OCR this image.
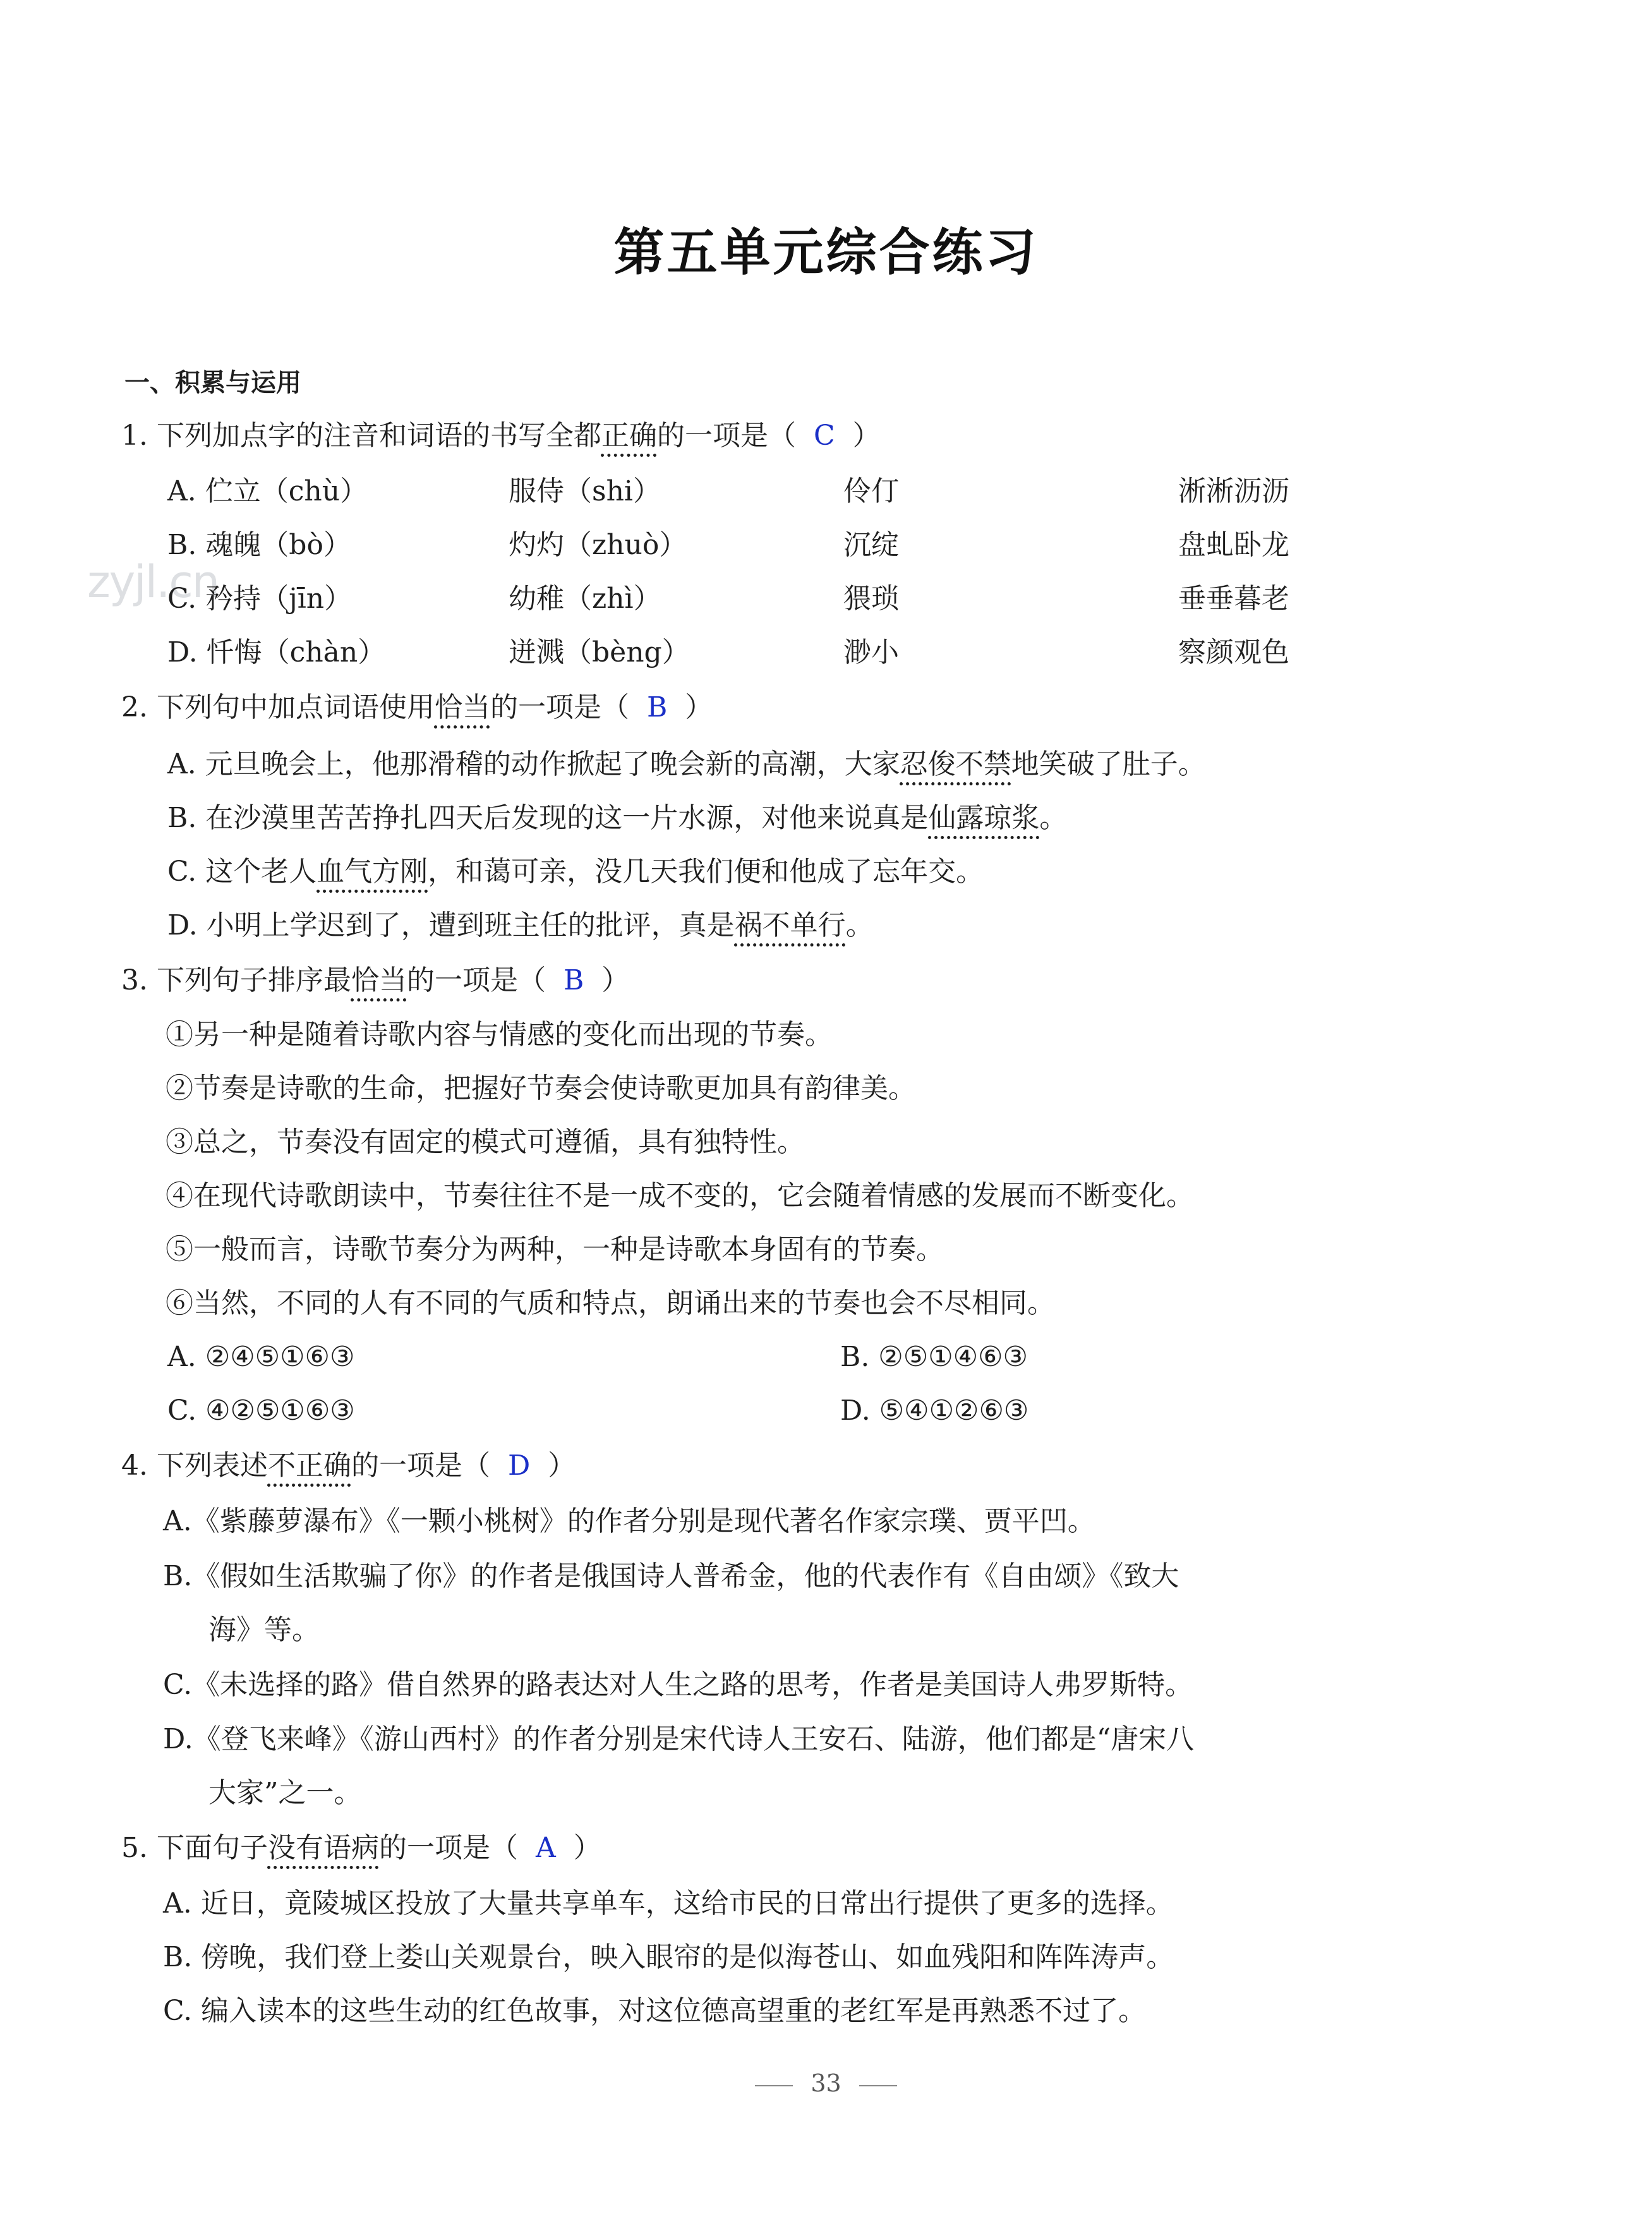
第五单元综合练习
zyjl.cn
一、积累与运用
1. 下列加点字的注音和词语的书写全都正确的一项是（ C ）
A. 伫立（chù）	服侍（shi）	伶仃	淅淅沥沥
B. 魂魄（bò）	灼灼（zhuò）	沉绽	盘虬卧龙
C. 矜持（jīn）	幼稚（zhì）	猥琐	垂垂暮老
D. 忏悔（chàn）	迸溅（bèng）	渺小	察颜观色
2. 下列句中加点词语使用恰当的一项是（ B ）
A. 元旦晚会上，他那滑稽的动作掀起了晚会新的高潮，大家忍俊不禁地笑破了肚子。
B. 在沙漠里苦苦挣扎四天后发现的这一片水源，对他来说真是仙露琼浆。
C. 这个老人血气方刚，和蔼可亲，没几天我们便和他成了忘年交。
D. 小明上学迟到了，遭到班主任的批评，真是祸不单行。
3. 下列句子排序最恰当的一项是（ B ）
①另一种是随着诗歌内容与情感的变化而出现的节奏。
②节奏是诗歌的生命，把握好节奏会使诗歌更加具有韵律美。
③总之，节奏没有固定的模式可遵循，具有独特性。
④在现代诗歌朗读中，节奏往往不是一成不变的，它会随着情感的发展而不断变化。
⑤一般而言，诗歌节奏分为两种，一种是诗歌本身固有的节奏。
⑥当然，不同的人有不同的气质和特点，朗诵出来的节奏也会不尽相同。
A. ②④⑤①⑥③	B. ②⑤①④⑥③
C. ④②⑤①⑥③	D. ⑤④①②⑥③
4. 下列表述不正确的一项是（ D ）
A.《紫藤萝瀑布》《一颗小桃树》的作者分别是现代著名作家宗璞、贾平凹。
B.《假如生活欺骗了你》的作者是俄国诗人普希金，他的代表作有《自由颂》《致大
海》等。
C.《未选择的路》借自然界的路表达对人生之路的思考，作者是美国诗人弗罗斯特。
D.《登飞来峰》《游山西村》的作者分别是宋代诗人王安石、陆游，他们都是“唐宋八
大家”之一。
5. 下面句子没有语病的一项是（ A ）
A. 近日，竟陵城区投放了大量共享单车，这给市民的日常出行提供了更多的选择。
B. 傍晚，我们登上娄山关观景台，映入眼帘的是似海苍山、如血残阳和阵阵涛声。
C. 编入读本的这些生动的红色故事，对这位德高望重的老红军是再熟悉不过了。
33
